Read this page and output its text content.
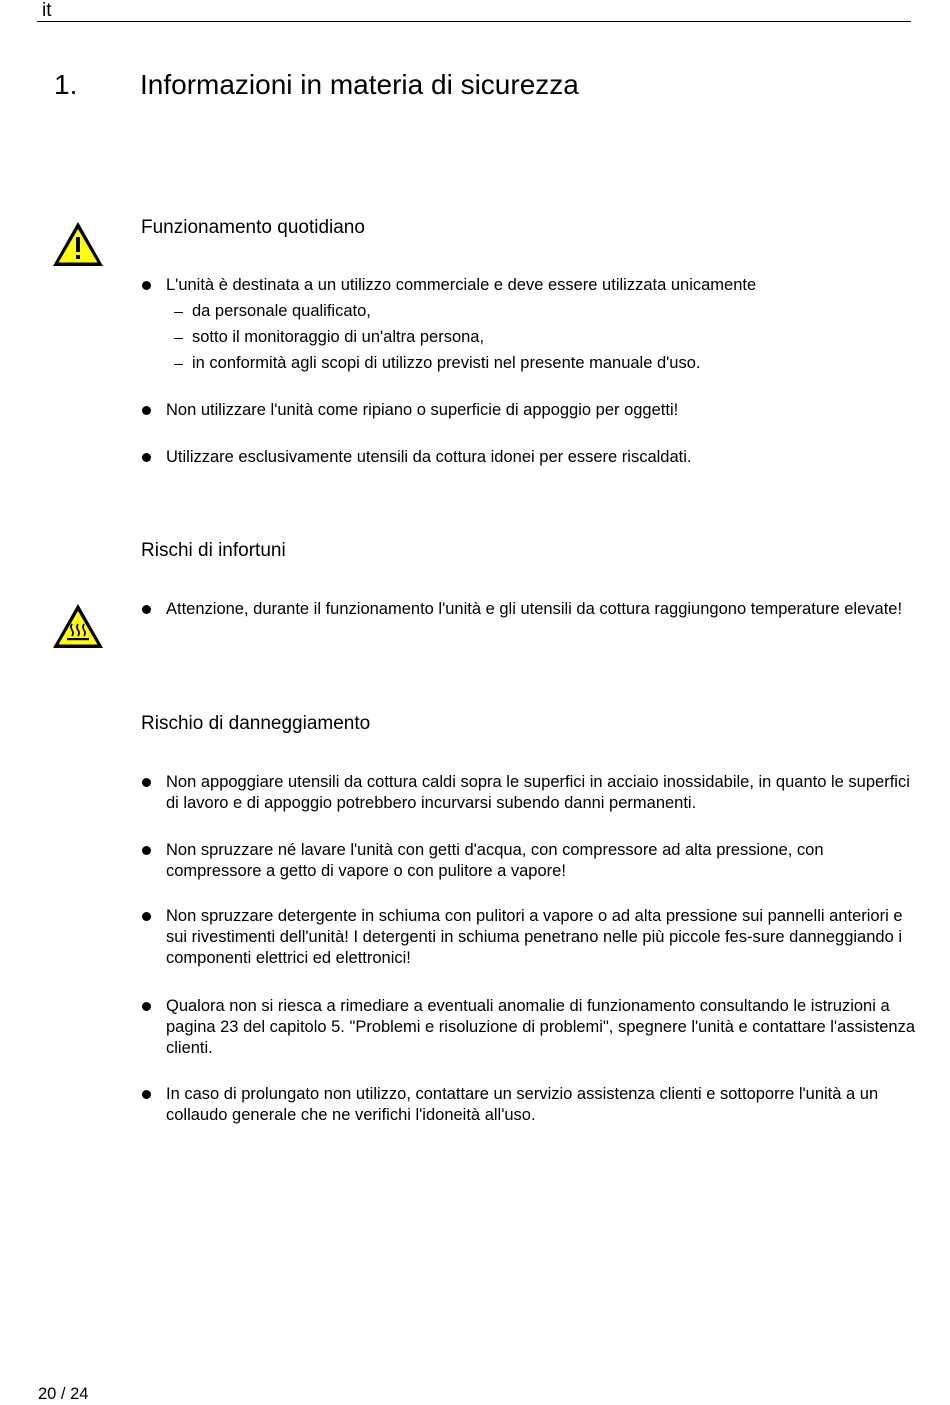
it
1. Informazioni in materia di sicurezza
Funzionamento quotidiano
L'unità è destinata a un utilizzo commerciale e deve essere utilizzata unicamente
da personale qualificato,
sotto il monitoraggio di un'altra persona,
in conformità agli scopi di utilizzo previsti nel presente manuale d'uso.
Non utilizzare l'unità come ripiano o superficie di appoggio per oggetti!
Utilizzare esclusivamente utensili da cottura idonei per essere riscaldati.
Rischi di infortuni
Attenzione, durante il funzionamento l'unità e gli utensili da cottura raggiungono temperature elevate!
Rischio di danneggiamento
Non appoggiare utensili da cottura caldi sopra le superfici in acciaio inossidabile, in quanto le superfici di lavoro e di appoggio potrebbero incurvarsi subendo danni permanenti.
Non spruzzare né lavare l'unità con getti d'acqua, con compressore ad alta pressione, con compressore a getto di vapore o con pulitore a vapore!
Non spruzzare detergente in schiuma con pulitori a vapore o ad alta pressione sui pannelli anteriori e sui rivestimenti dell'unità! I detergenti in schiuma penetrano nelle più piccole fes-sure danneggiando i componenti elettrici ed elettronici!
Qualora non si riesca a rimediare a eventuali anomalie di funzionamento consultando le istruzioni a pagina 23 del capitolo 5. "Problemi e risoluzione di problemi", spegnere l'unità e contattare l'assistenza clienti.
In caso di prolungato non utilizzo, contattare un servizio assistenza clienti e sottoporre l'unità a un collaudo generale che ne verifichi l'idoneità all'uso.
20 / 24
